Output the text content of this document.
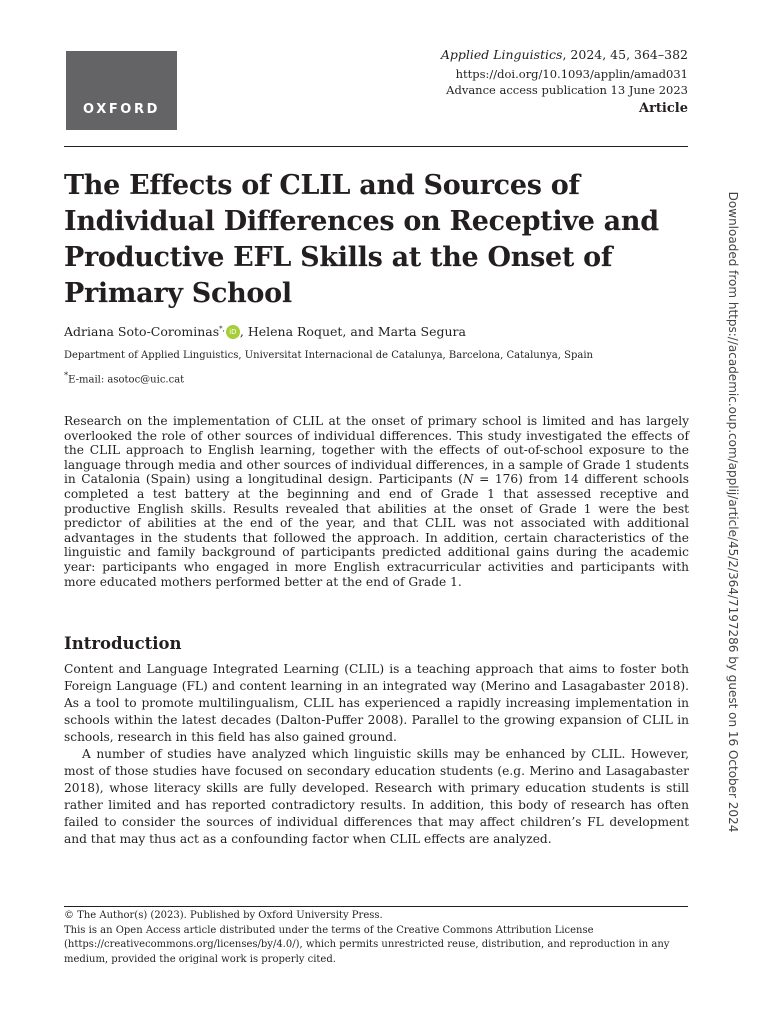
OXFORD
Applied Linguistics, 2024, 45, 364–382
https://doi.org/10.1093/applin/amad031
Advance access publication 13 June 2023
Article
The Effects of CLIL and Sources of Individual Differences on Receptive and Productive EFL Skills at the Onset of Primary School
Adriana Soto-Corominas*, iD , Helena Roquet, and Marta Segura
Department of Applied Linguistics, Universitat Internacional de Catalunya, Barcelona, Catalunya, Spain
*E-mail: asotoc@uic.cat

Research on the implementation of CLIL at the onset of primary school is limited and has largely overlooked the role of other sources of individual differences. This study investigated the effects of the CLIL approach to English learning, together with the effects of out-of-school exposure to the language through media and other sources of individual differences, in a sample of Grade 1 students in Catalonia (Spain) using a longitudinal design. Participants (N = 176) from 14 different schools completed a test battery at the beginning and end of Grade 1 that assessed receptive and productive English skills. Results revealed that abilities at the onset of Grade 1 were the best predictor of abilities at the end of the year, and that CLIL was not associated with additional advantages in the students that followed the approach. In addition, certain characteristics of the linguistic and family background of participants predicted additional gains during the academic year: participants who engaged in more English extracurricular activities and participants with more educated mothers performed better at the end of Grade 1.

Introduction

Content and Language Integrated Learning (CLIL) is a teaching approach that aims to foster both Foreign Language (FL) and content learning in an integrated way (Merino and Lasagabaster 2018). As a tool to promote multilingualism, CLIL has experienced a rapidly increasing implementation in schools within the latest decades (Dalton-Puffer 2008). Parallel to the growing expansion of CLIL in schools, research in this field has also gained ground.

A number of studies have analyzed which linguistic skills may be enhanced by CLIL. However, most of those studies have focused on secondary education students (e.g. Merino and Lasagabaster 2018), whose literacy skills are fully developed. Research with primary education students is still rather limited and has reported contradictory results. In addition, this body of research has often failed to consider the sources of individual differences that may affect children’s FL development and that may thus act as a confounding factor when CLIL effects are analyzed.

© The Author(s) (2023). Published by Oxford University Press.

This is an Open Access article distributed under the terms of the Creative Commons Attribution License (https://creativecommons.org/licenses/by/4.0/), which permits unrestricted reuse, distribution, and reproduction in any medium, provided the original work is properly cited.

Downloaded from https://academic.oup.com/applij/article/45/2/364/7197286 by guest on 16 October 2024
